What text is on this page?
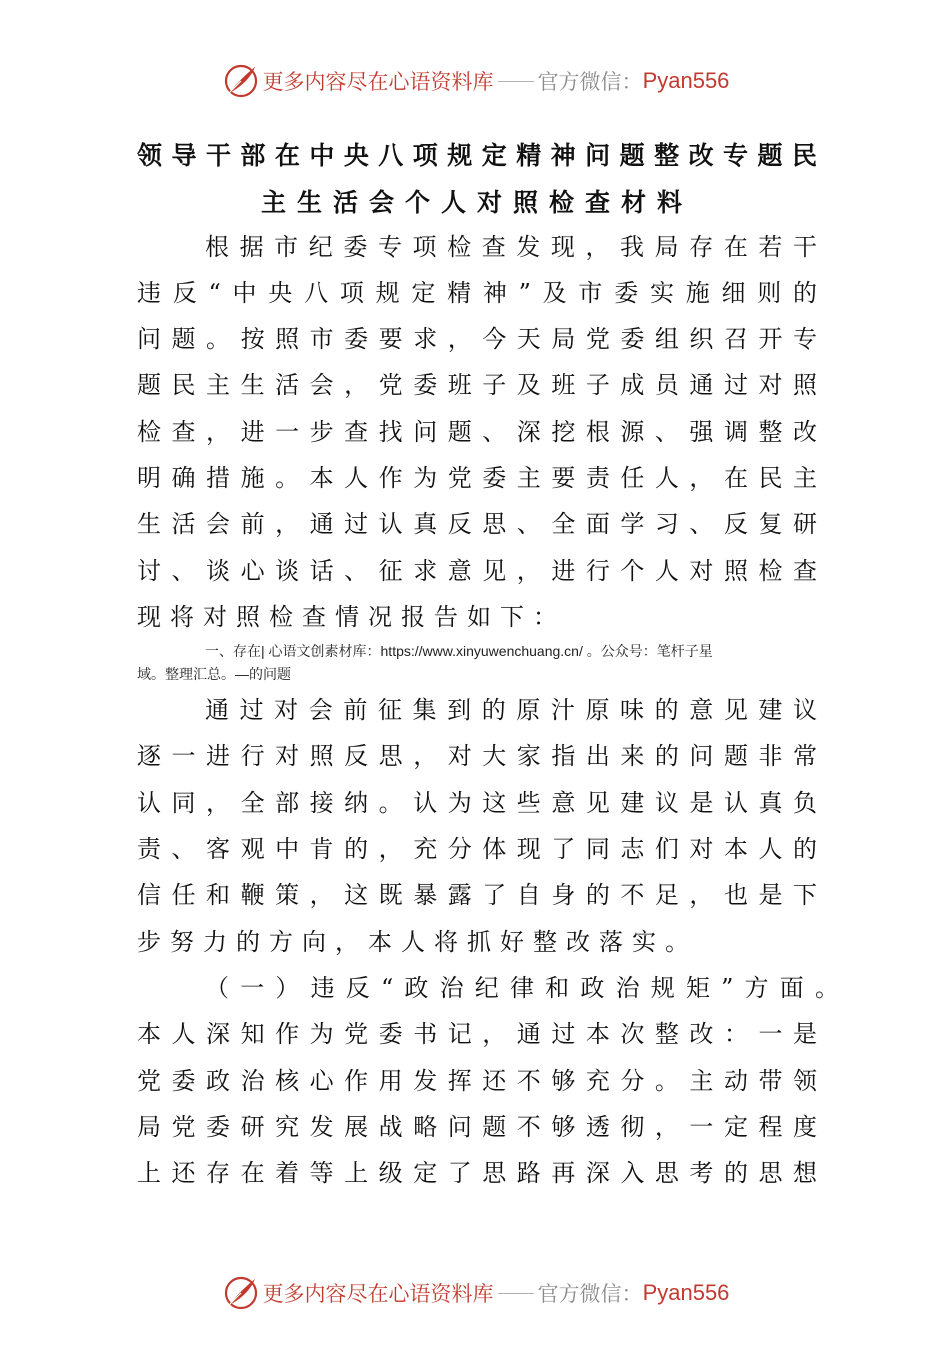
更多内容尽在心语资料库 官方微信： Pyan556
领导干部在中央八项规定精神问题整改专题民
主生活会个人对照检查材料
根据市纪委专项检查发现，我局存在若干
违反“中央八项规定精神”及市委实施细则的
问题。按照市委要求，今天局党委组织召开专
题民主生活会，党委班子及班子成员通过对照
检查，进一步查找问题、深挖根源、强调整改
明确措施。本人作为党委主要责任人，在民主
生活会前，通过认真反思、全面学习、反复研
讨、谈心谈话、征求意见，进行个人对照检查
现将对照检查情况报告如下：
一、存在| 心语文创素材库：https://www.xinyuwenchuang.cn/ 。公众号：笔杆子星
域。整理汇总。—的问题
通过对会前征集到的原汁原味的意见建议
逐一进行对照反思，对大家指出来的问题非常
认同，全部接纳。认为这些意见建议是认真负
责、客观中肯的，充分体现了同志们对本人的
信任和鞭策，这既暴露了自身的不足，也是下
步努力的方向，本人将抓好整改落实。
（一）违反“政治纪律和政治规矩”方面。
本人深知作为党委书记，通过本次整改：一是
党委政治核心作用发挥还不够充分。主动带领
局党委研究发展战略问题不够透彻，一定程度
上还存在着等上级定了思路再深入思考的思想
更多内容尽在心语资料库 官方微信： Pyan556
